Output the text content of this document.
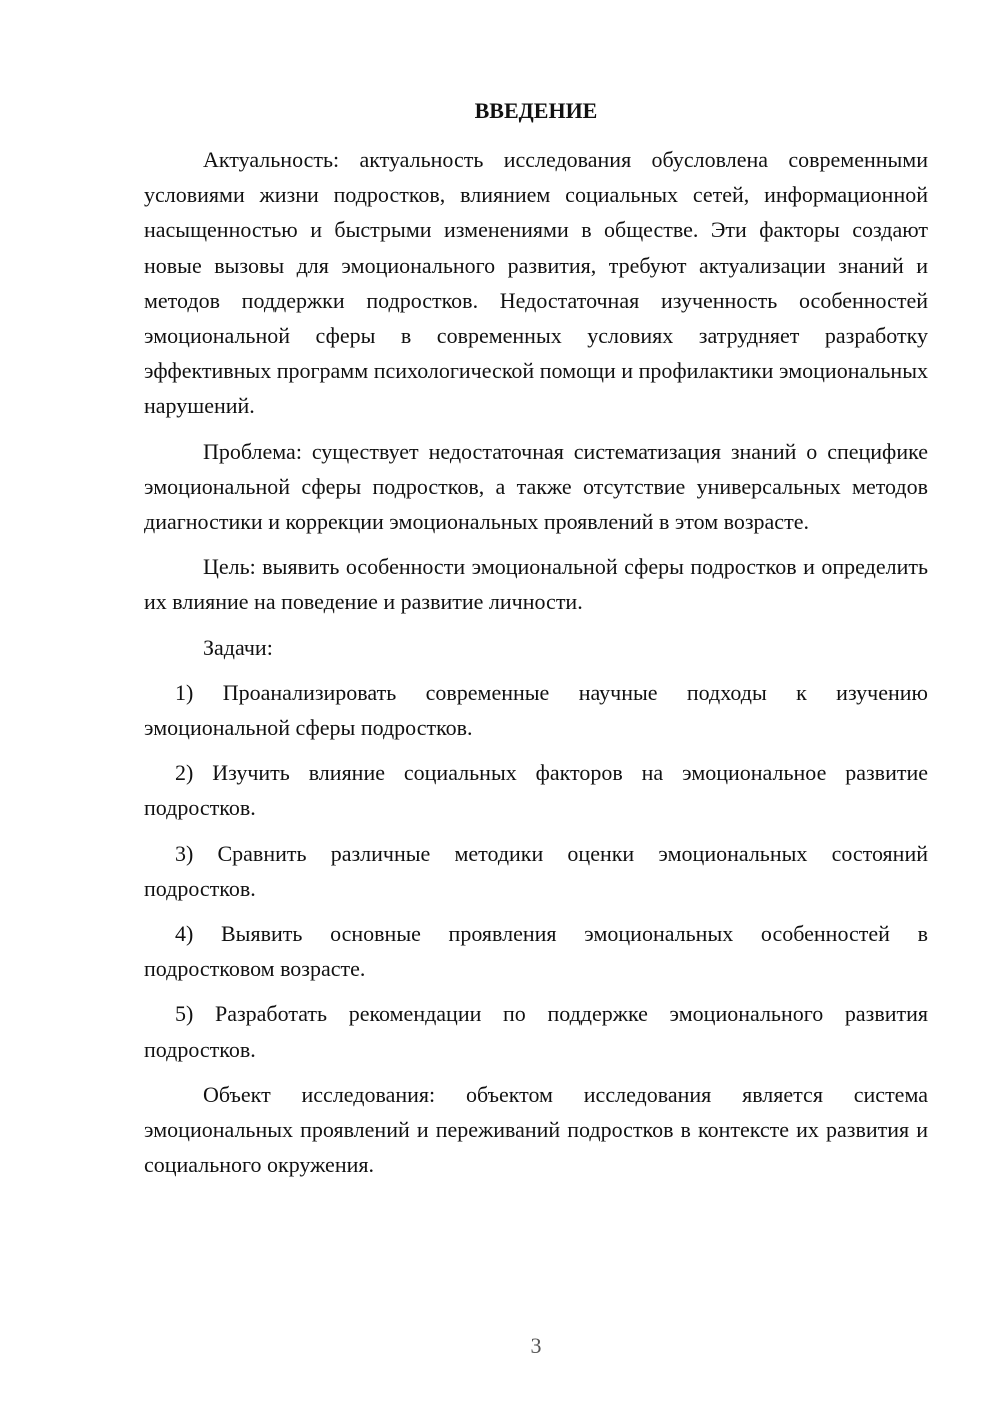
ВВЕДЕНИЕ

Актуальность: актуальность исследования обусловлена современными условиями жизни подростков, влиянием социальных сетей, информационной насыщенностью и быстрыми изменениями в обществе. Эти факторы создают новые вызовы для эмоционального развития, требуют актуализации знаний и методов поддержки подростков. Недостаточная изученность особенностей эмоциональной сферы в современных условиях затрудняет разработку эффективных программ психологической помощи и профилактики эмоциональных нарушений.

Проблема: существует недостаточная систематизация знаний о специфике эмоциональной сферы подростков, а также отсутствие универсальных методов диагностики и коррекции эмоциональных проявлений в этом возрасте.

Цель: выявить особенности эмоциональной сферы подростков и определить их влияние на поведение и развитие личности.

Задачи:

1) Проанализировать современные научные подходы к изучению эмоциональной сферы подростков.

2) Изучить влияние социальных факторов на эмоциональное развитие подростков.

3) Сравнить различные методики оценки эмоциональных состояний подростков.

4) Выявить основные проявления эмоциональных особенностей в подростковом возрасте.

5) Разработать рекомендации по поддержке эмоционального развития подростков.

Объект исследования: объектом исследования является система эмоциональных проявлений и переживаний подростков в контексте их развития и социального окружения.

3
